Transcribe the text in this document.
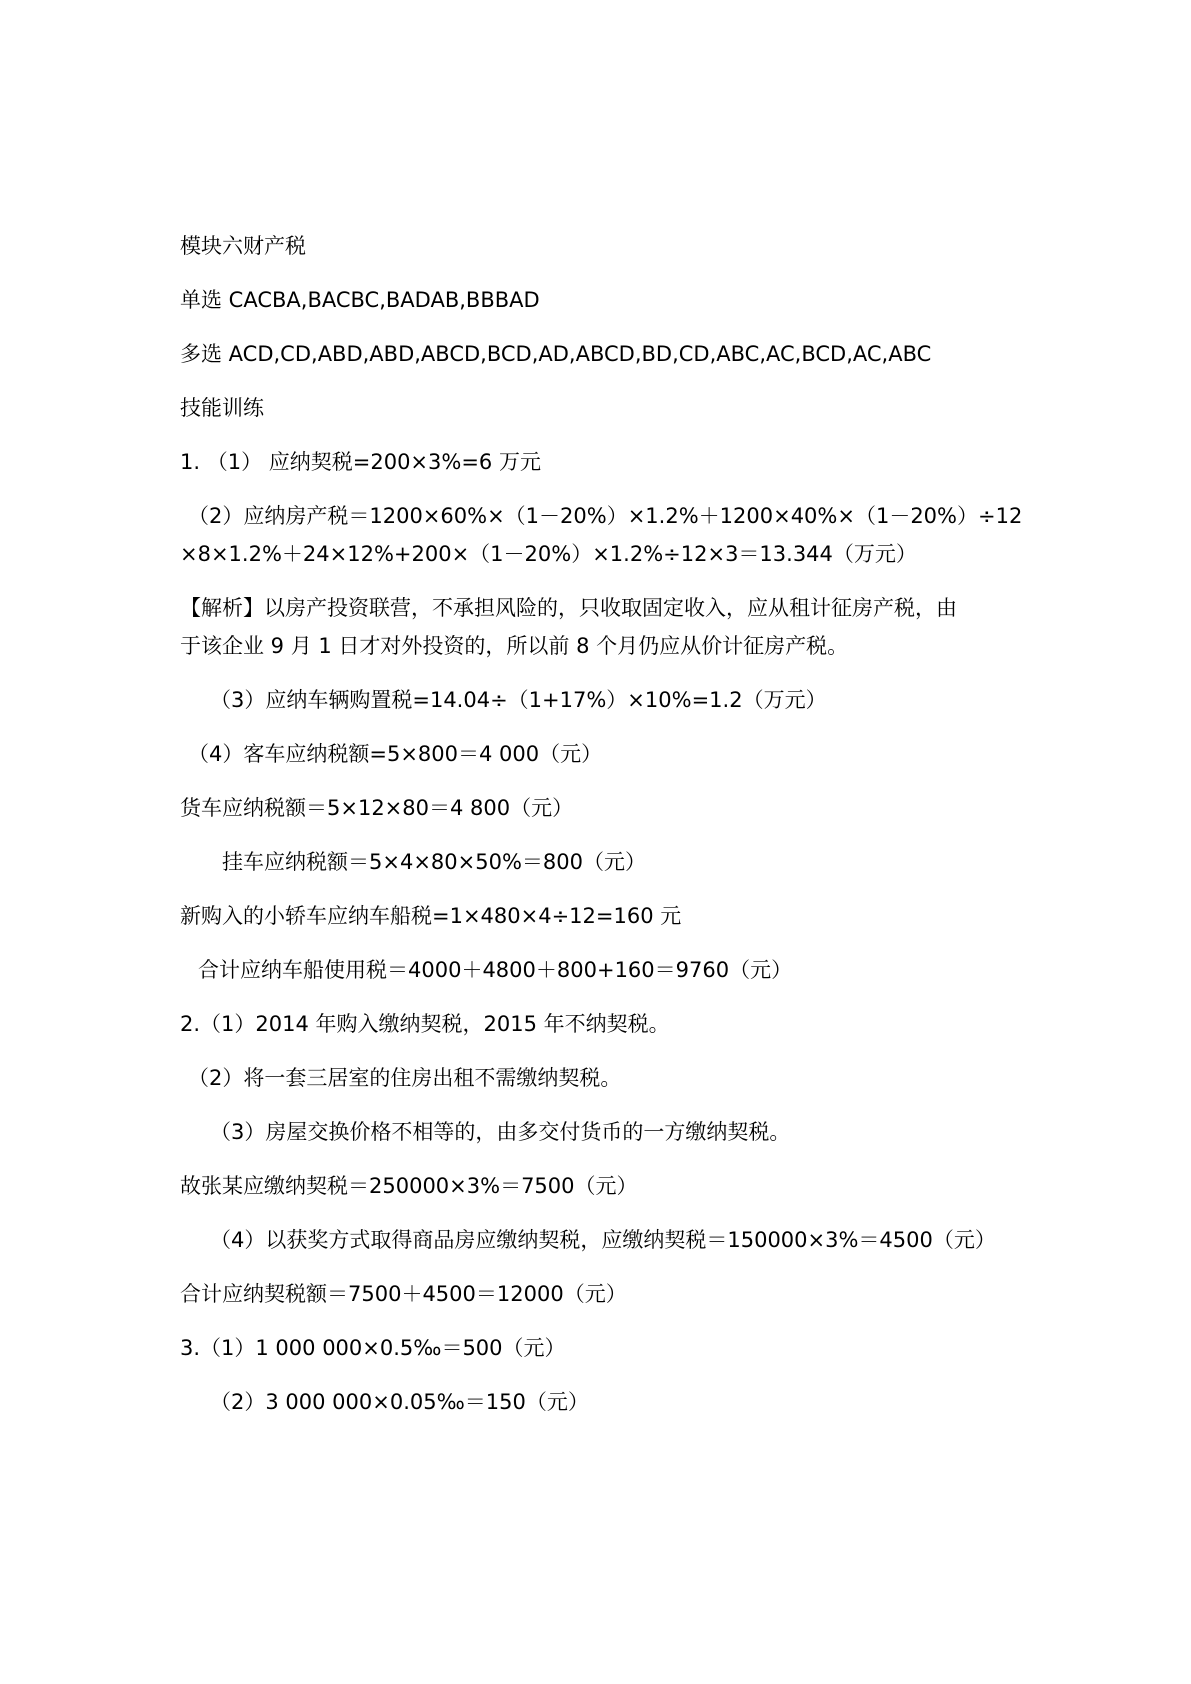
模块六财产税
单选 CACBA,BACBC,BADAB,BBBAD
多选 ACD,CD,ABD,ABD,ABCD,BCD,AD,ABCD,BD,CD,ABC,AC,BCD,AC,ABC
技能训练
1. （1） 应纳契税=200×3%=6 万元
（2）应纳房产税＝1200×60%×（1－20%）×1.2%＋1200×40%×（1－20%）÷12
×8×1.2%＋24×12%+200×（1－20%）×1.2%÷12×3＝13.344（万元）
【解析】以房产投资联营，不承担风险的，只收取固定收入，应从租计征房产税，由
于该企业 9 月 1 日才对外投资的，所以前 8 个月仍应从价计征房产税。
（3）应纳车辆购置税=14.04÷（1+17%）×10%=1.2（万元）
（4）客车应纳税额=5×800＝4 000（元）
货车应纳税额＝5×12×80＝4 800（元）
挂车应纳税额＝5×4×80×50%＝800（元）
新购入的小轿车应纳车船税=1×480×4÷12=160 元
合计应纳车船使用税＝4000＋4800＋800+160＝9760（元）
2.（1）2014 年购入缴纳契税，2015 年不纳契税。
（2）将一套三居室的住房出租不需缴纳契税。
（3）房屋交换价格不相等的，由多交付货币的一方缴纳契税。
故张某应缴纳契税＝250000×3%＝7500（元）
（4）以获奖方式取得商品房应缴纳契税，应缴纳契税＝150000×3%＝4500（元）
合计应纳契税额＝7500＋4500＝12000（元）
3.（1）1 000 000×0.5‰＝500（元）
（2）3 000 000×0.05‰＝150（元）
